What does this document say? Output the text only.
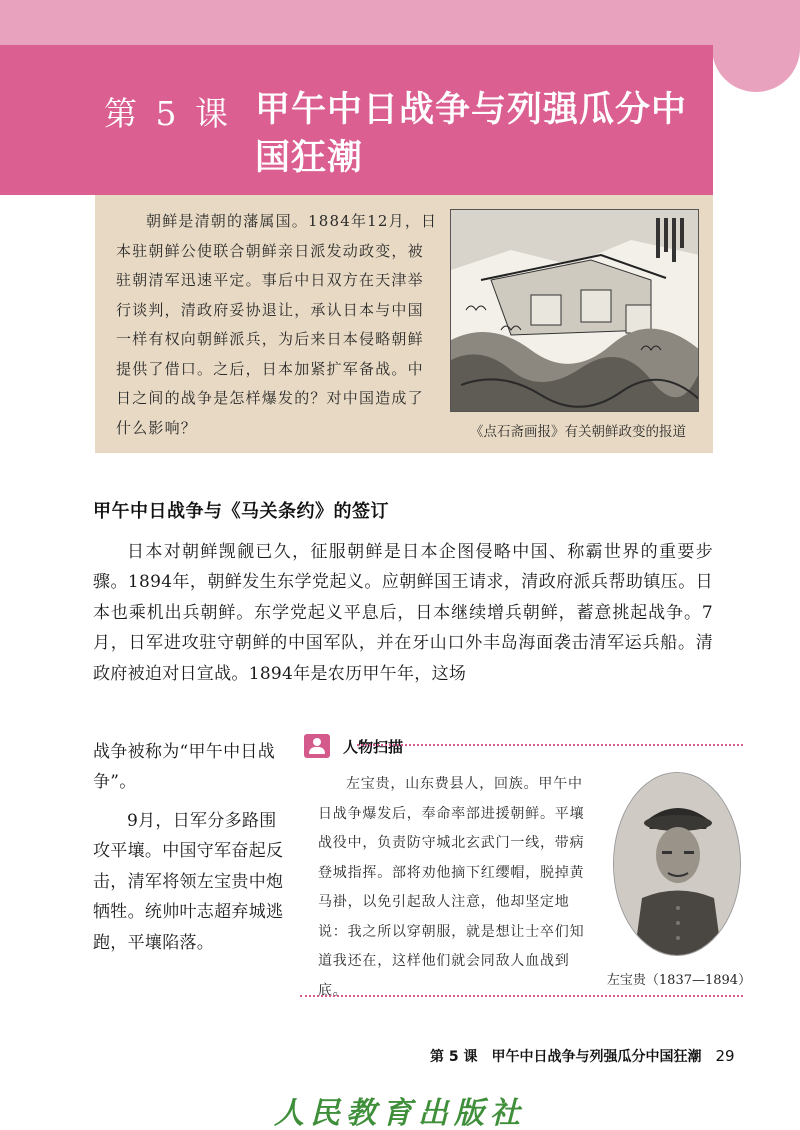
第 5 课 甲午中日战争与列强瓜分中国狂潮
朝鲜是清朝的藩属国。1884年12月，日本驻朝鲜公使联合朝鲜亲日派发动政变，被驻朝清军迅速平定。事后中日双方在天津举行谈判，清政府妥协退让，承认日本与中国一样有权向朝鲜派兵，为后来日本侵略朝鲜提供了借口。之后，日本加紧扩军备战。中日之间的战争是怎样爆发的？对中国造成了什么影响？	《点石斋画报》有关朝鲜政变的报道
甲午中日战争与《马关条约》的签订
日本对朝鲜觊觎已久，征服朝鲜是日本企图侵略中国、称霸世界的重要步骤。1894年，朝鲜发生东学党起义。应朝鲜国王请求，清政府派兵帮助镇压。日本也乘机出兵朝鲜。东学党起义平息后，日本继续增兵朝鲜，蓄意挑起战争。7月，日军进攻驻守朝鲜的中国军队，并在牙山口外丰岛海面袭击清军运兵船。清政府被迫对日宣战。1894年是农历甲午年，这场
战争被称为“甲午中日战争”。
9月，日军分多路围攻平壤。中国守军奋起反击，清军将领左宝贵中炮牺牲。统帅叶志超弃城逃跑，平壤陷落。
人物扫描
左宝贵，山东费县人，回族。甲午中日战争爆发后，奉命率部进援朝鲜。平壤战役中，负责防守城北玄武门一线，带病登城指挥。部将劝他摘下红缨帽，脱掉黄马褂，以免引起敌人注意，他却坚定地说：我之所以穿朝服，就是想让士卒们知道我还在，这样他们就会同敌人血战到底。
左宝贵（1837—1894）
第 5 课　甲午中日战争与列强瓜分中国狂潮 29
人民教育出版社
